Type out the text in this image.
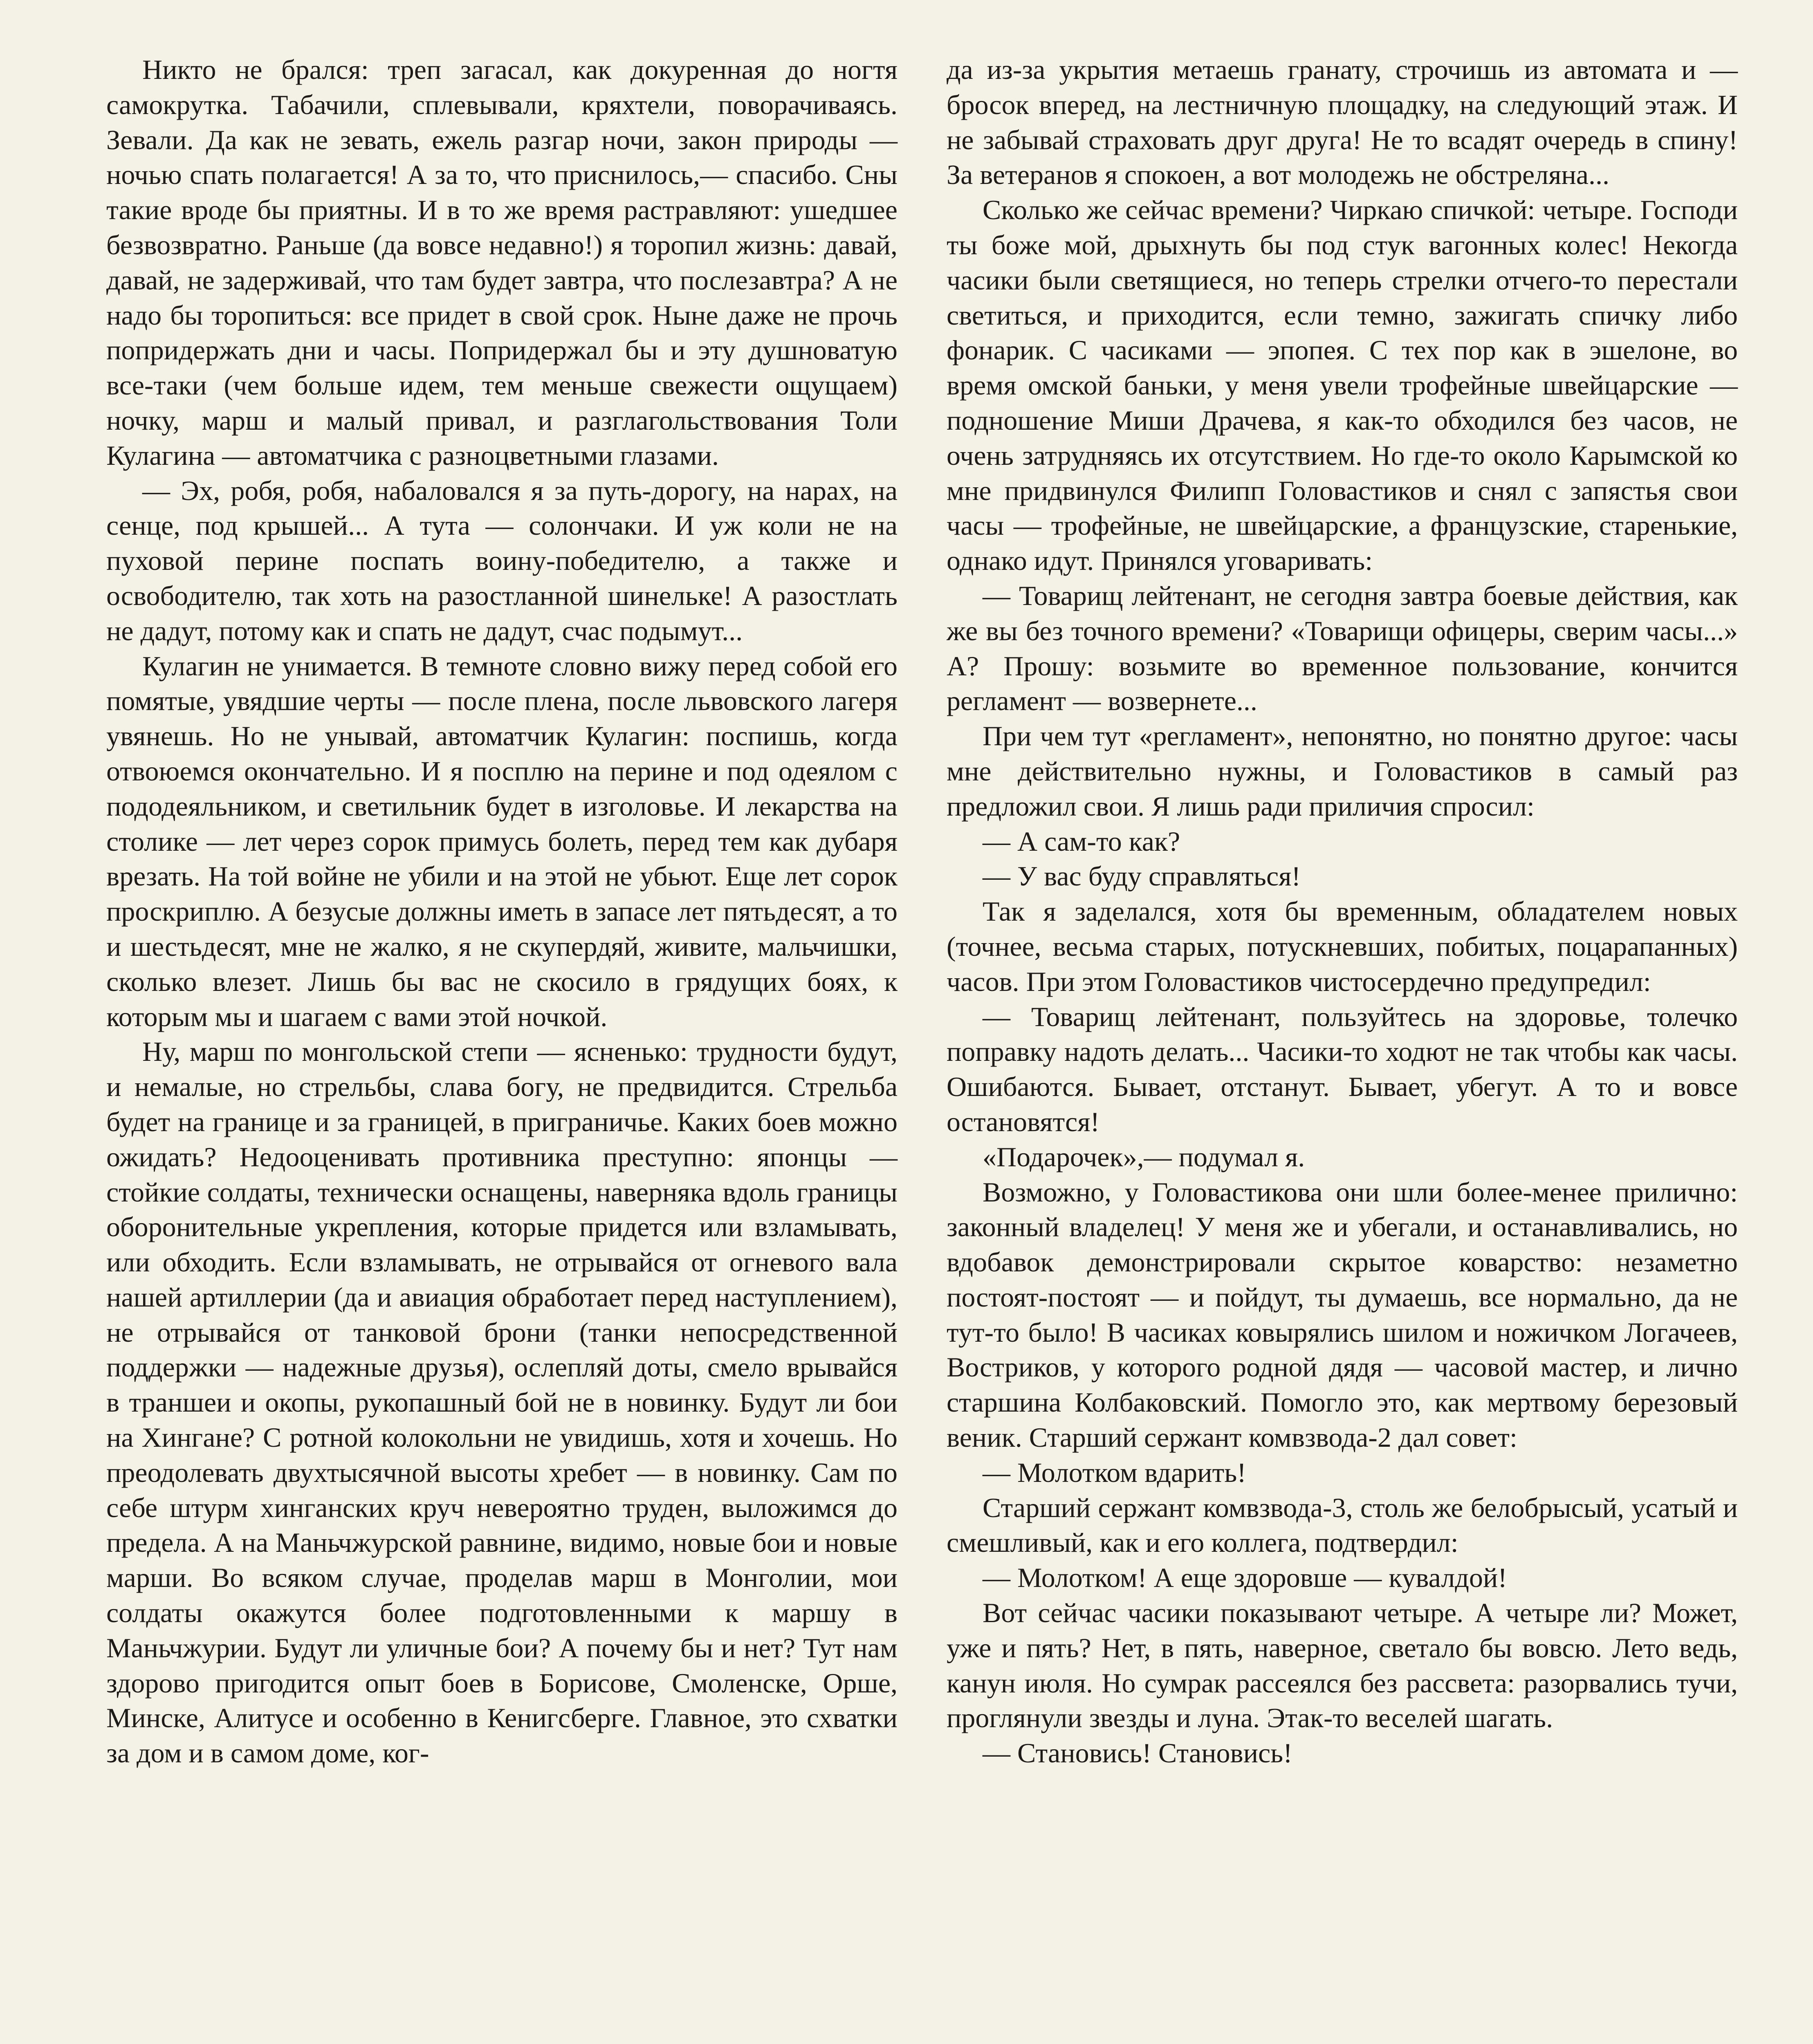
Никто не брался: треп загасал, как докуренная до ногтя самокрутка. Табачили, сплевывали, кряхтели, поворачиваясь. Зевали. Да как не зевать, ежель разгар ночи, закон природы — ночью спать полагается! А за то, что приснилось,— спасибо. Сны такие вроде бы приятны. И в то же время растравляют: ушедшее безвозвратно. Раньше (да вовсе недавно!) я торопил жизнь: давай, давай, не задерживай, что там будет завтра, что послезавтра? А не надо бы торопиться: все придет в свой срок. Ныне даже не прочь попридержать дни и часы. Попридержал бы и эту душноватую все-таки (чем больше идем, тем меньше свежести ощущаем) ночку, марш и малый привал, и разглагольствования Толи Кулагина — автоматчика с разноцветными глазами.

— Эх, робя, робя, набаловался я за путь-дорогу, на нарах, на сенце, под крышей... А тута — солончаки. И уж коли не на пуховой перине поспать воину-победителю, а также и освободителю, так хоть на разостланной шинельке! А разостлать не дадут, потому как и спать не дадут, счас подымут...

Кулагин не унимается. В темноте словно вижу перед собой его помятые, увядшие черты — после плена, после львовского лагеря увянешь. Но не унывай, автоматчик Кулагин: поспишь, когда отвоюемся окончательно. И я посплю на перине и под одеялом с пододеяльником, и светильник будет в изголовье. И лекарства на столике — лет через сорок примусь болеть, перед тем как дубаря врезать. На той войне не убили и на этой не убьют. Еще лет сорок проскриплю. А безусые должны иметь в запасе лет пятьдесят, а то и шестьдесят, мне не жалко, я не скупердяй, живите, мальчишки, сколько влезет. Лишь бы вас не скосило в грядущих боях, к которым мы и шагаем с вами этой ночкой.

Ну, марш по монгольской степи — ясненько: трудности будут, и немалые, но стрельбы, слава богу, не предвидится. Стрельба будет на границе и за границей, в приграничье. Каких боев можно ожидать? Недооценивать противника преступно: японцы — стойкие солдаты, технически оснащены, наверняка вдоль границы оборонительные укрепления, которые придется или взламывать, или обходить. Если взламывать, не отрывайся от огневого вала нашей артиллерии (да и авиация обработает перед наступлением), не отрывайся от танковой брони (танки непосредственной поддержки — надежные друзья), ослепляй доты, смело врывайся в траншеи и окопы, рукопашный бой не в новинку. Будут ли бои на Хингане? С ротной колокольни не увидишь, хотя и хочешь. Но преодолевать двухтысячной высоты хребет — в новинку. Сам по себе штурм хинганских круч невероятно труден, выложимся до предела. А на Маньчжурской равнине, видимо, новые бои и новые марши. Во всяком случае, проделав марш в Монголии, мои солдаты окажутся более подготовленными к маршу в Маньчжурии. Будут ли уличные бои? А почему бы и нет? Тут нам здорово пригодится опыт боев в Борисове, Смоленске, Орше, Минске, Алитусе и особенно в Кенигсберге. Главное, это схватки за дом и в самом доме, ког-

да из-за укрытия метаешь гранату, строчишь из автомата и — бросок вперед, на лестничную площадку, на следующий этаж. И не забывай страховать друг друга! Не то всадят очередь в спину! За ветеранов я спокоен, а вот молодежь не обстреляна...

Сколько же сейчас времени? Чиркаю спичкой: четыре. Господи ты боже мой, дрыхнуть бы под стук вагонных колес! Некогда часики были светящиеся, но теперь стрелки отчего-то перестали светиться, и приходится, если темно, зажигать спичку либо фонарик. С часиками — эпопея. С тех пор как в эшелоне, во время омской баньки, у меня увели трофейные швейцарские — подношение Миши Драчева, я как-то обходился без часов, не очень затрудняясь их отсутствием. Но где-то около Карымской ко мне придвинулся Филипп Головастиков и снял с запястья свои часы — трофейные, не швейцарские, а французские, старенькие, однако идут. Принялся уговаривать:

— Товарищ лейтенант, не сегодня завтра боевые действия, как же вы без точного времени? «Товарищи офицеры, сверим часы...» А? Прошу: возьмите во временное пользование, кончится регламент — возвернете...

При чем тут «регламент», непонятно, но понятно другое: часы мне действительно нужны, и Головастиков в самый раз предложил свои. Я лишь ради приличия спросил:

— А сам-то как?

— У вас буду справляться!

Так я заделался, хотя бы временным, обладателем новых (точнее, весьма старых, потускневших, побитых, поцарапанных) часов. При этом Головастиков чистосердечно предупредил:

— Товарищ лейтенант, пользуйтесь на здоровье, толечко поправку надоть делать... Часики-то ходют не так чтобы как часы. Ошибаются. Бывает, отстанут. Бывает, убегут. А то и вовсе остановятся!

«Подарочек»,— подумал я.

Возможно, у Головастикова они шли более-менее прилично: законный владелец! У меня же и убегали, и останавливались, но вдобавок демонстрировали скрытое коварство: незаметно постоят-постоят — и пойдут, ты думаешь, все нормально, да не тут-то было! В часиках ковырялись шилом и ножичком Логачеев, Востриков, у которого родной дядя — часовой мастер, и лично старшина Колбаковский. Помогло это, как мертвому березовый веник. Старший сержант комвзвода-2 дал совет:

— Молотком вдарить!

Старший сержант комвзвода-3, столь же белобрысый, усатый и смешливый, как и его коллега, подтвердил:

— Молотком! А еще здоровше — кувалдой!

Вот сейчас часики показывают четыре. А четыре ли? Может, уже и пять? Нет, в пять, наверное, светало бы вовсю. Лето ведь, канун июля. Но сумрак рассеялся без рассвета: разорвались тучи, проглянули звезды и луна. Этак-то веселей шагать.

— Становись! Становись!
